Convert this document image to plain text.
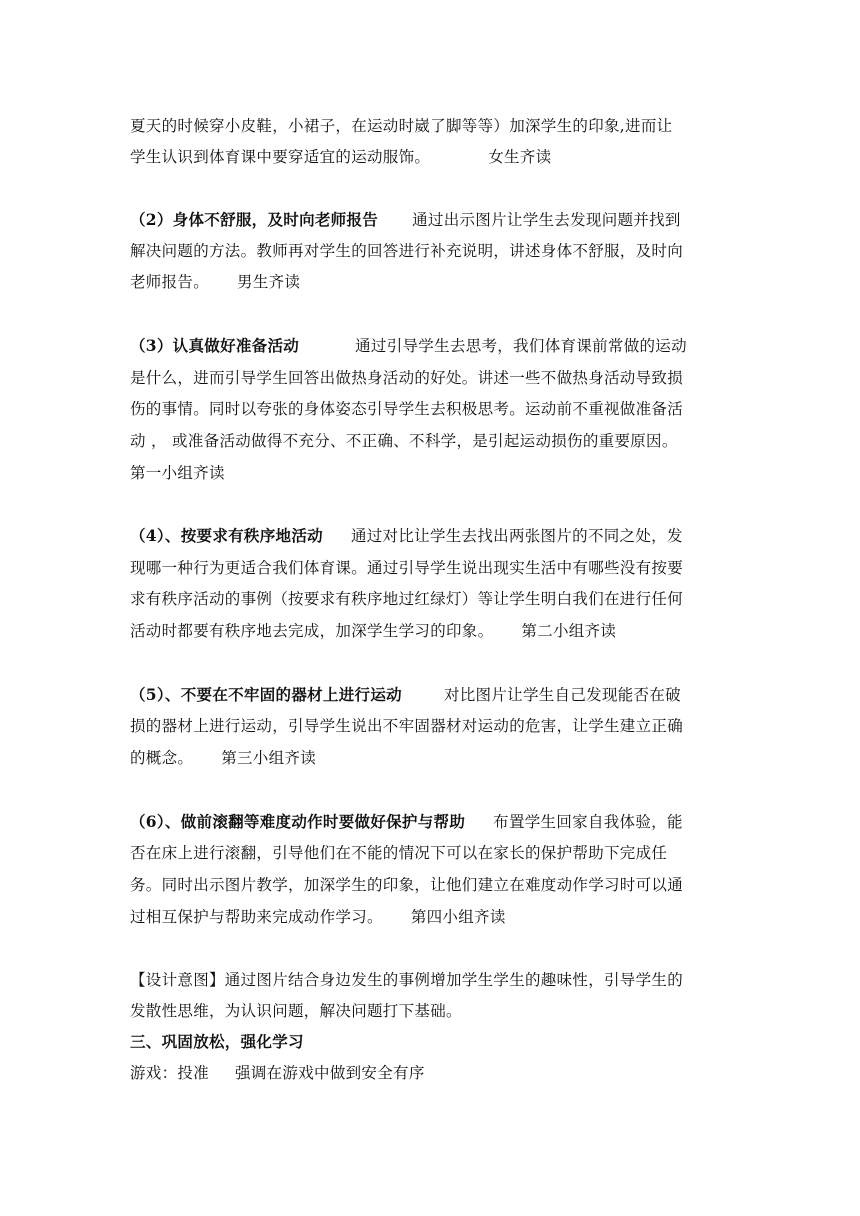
夏天的时候穿小皮鞋，小裙子，在运动时崴了脚等等）加深学生的印象,进而让
学生认识到体育课中要穿适宜的运动服饰。	女生齐读
（2）身体不舒服，及时向老师报告 通过出示图片让学生去发现问题并找到
解决问题的方法。教师再对学生的回答进行补充说明，讲述身体不舒服，及时向
老师报告。 男生齐读
（3）认真做好准备活动	通过引导学生去思考，我们体育课前常做的运动
是什么，进而引导学生回答出做热身活动的好处。讲述一些不做热身活动导致损
伤的事情。同时以夸张的身体姿态引导学生去积极思考。运动前不重视做准备活
动 ， 或准备活动做得不充分、不正确、不科学，是引起运动损伤的重要原因。
第一小组齐读
（4）、按要求有秩序地活动 通过对比让学生去找出两张图片的不同之处，发
现哪一种行为更适合我们体育课。通过引导学生说出现实生活中有哪些没有按要
求有秩序活动的事例（按要求有秩序地过红绿灯）等让学生明白我们在进行任何
活动时都要有秩序地去完成，加深学生学习的印象。 第二小组齐读
（5）、不要在不牢固的器材上进行运动	对比图片让学生自己发现能否在破
损的器材上进行运动，引导学生说出不牢固器材对运动的危害，让学生建立正确
的概念。 第三小组齐读
（6）、做前滚翻等难度动作时要做好保护与帮助 布置学生回家自我体验，能
否在床上进行滚翻，引导他们在不能的情况下可以在家长的保护帮助下完成任
务。同时出示图片教学，加深学生的印象，让他们建立在难度动作学习时可以通
过相互保护与帮助来完成动作学习。 第四小组齐读
【设计意图】通过图片结合身边发生的事例增加学生学生的趣味性，引导学生的
发散性思维，为认识问题，解决问题打下基础。
三、巩固放松，强化学习
游戏：投准 强调在游戏中做到安全有序
